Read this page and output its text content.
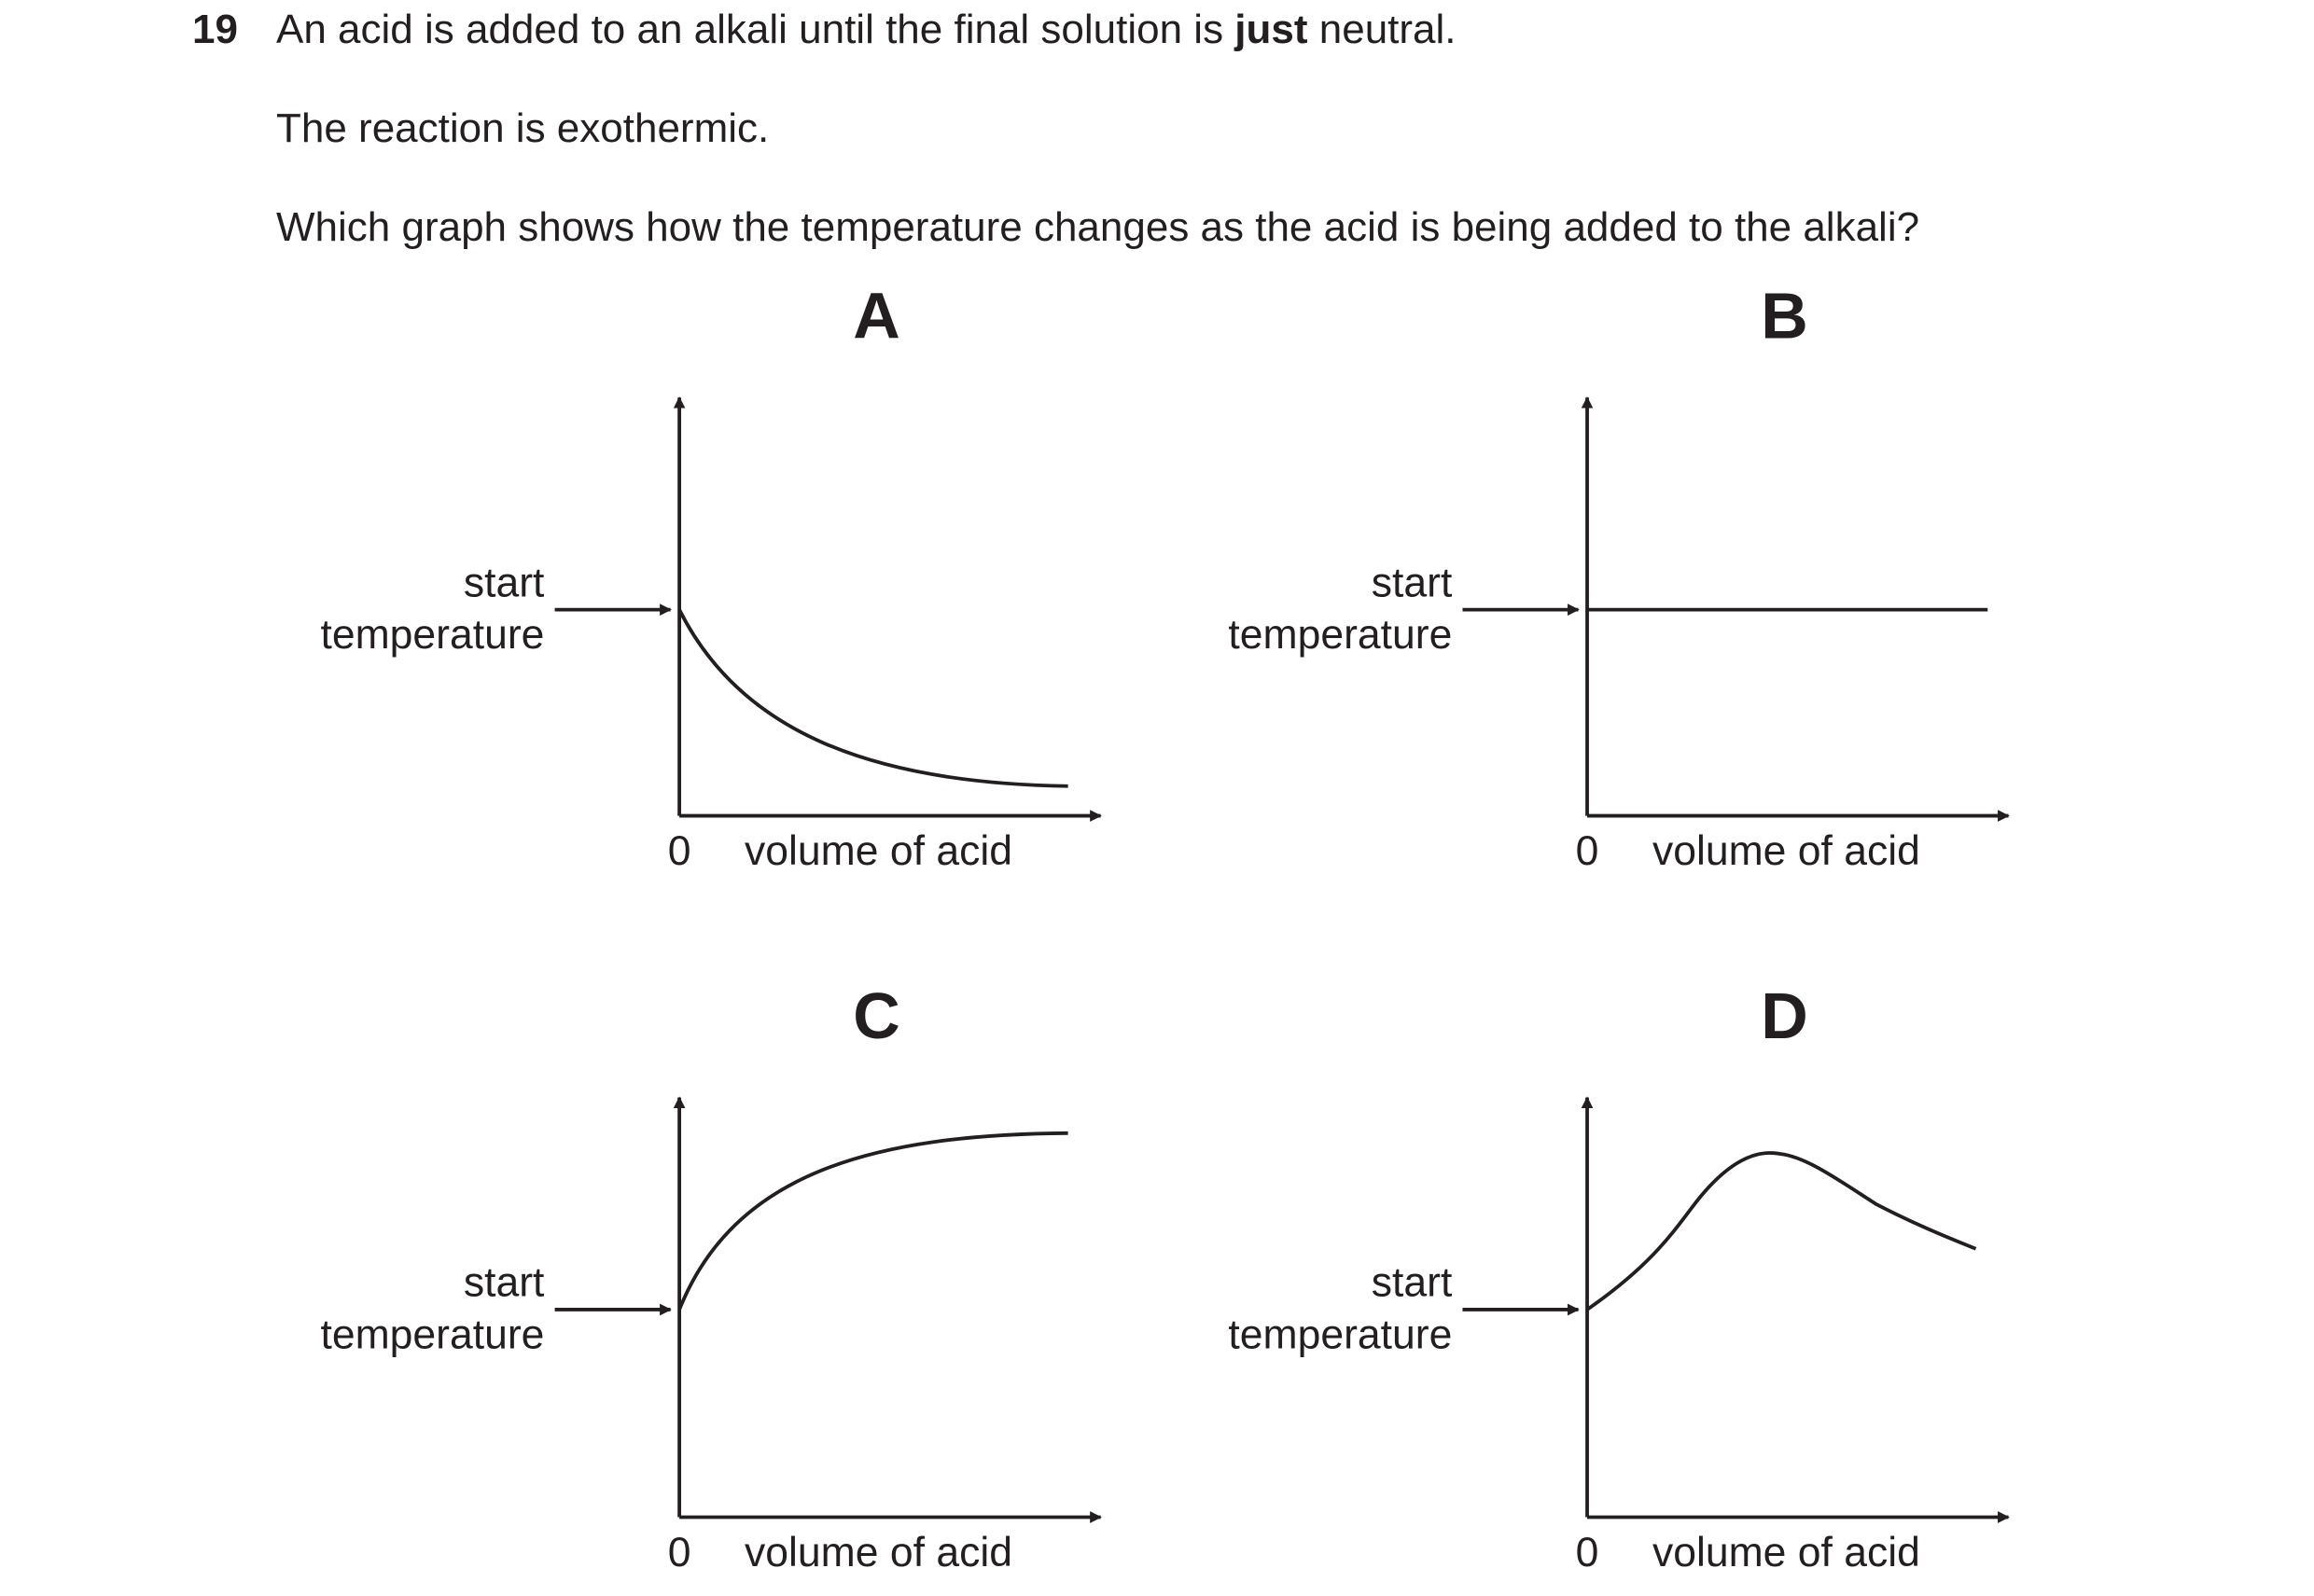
19 An acid is added to an alkali until the final solution is just neutral.
The reaction is exothermic.
Which graph shows how the temperature changes as the acid is being added to the alkali?
A
start
temperature
0 volume of acid
B
start
temperature
0 volume of acid
C
start
temperature
0 volume of acid
D
start
temperature
0 volume of acid
